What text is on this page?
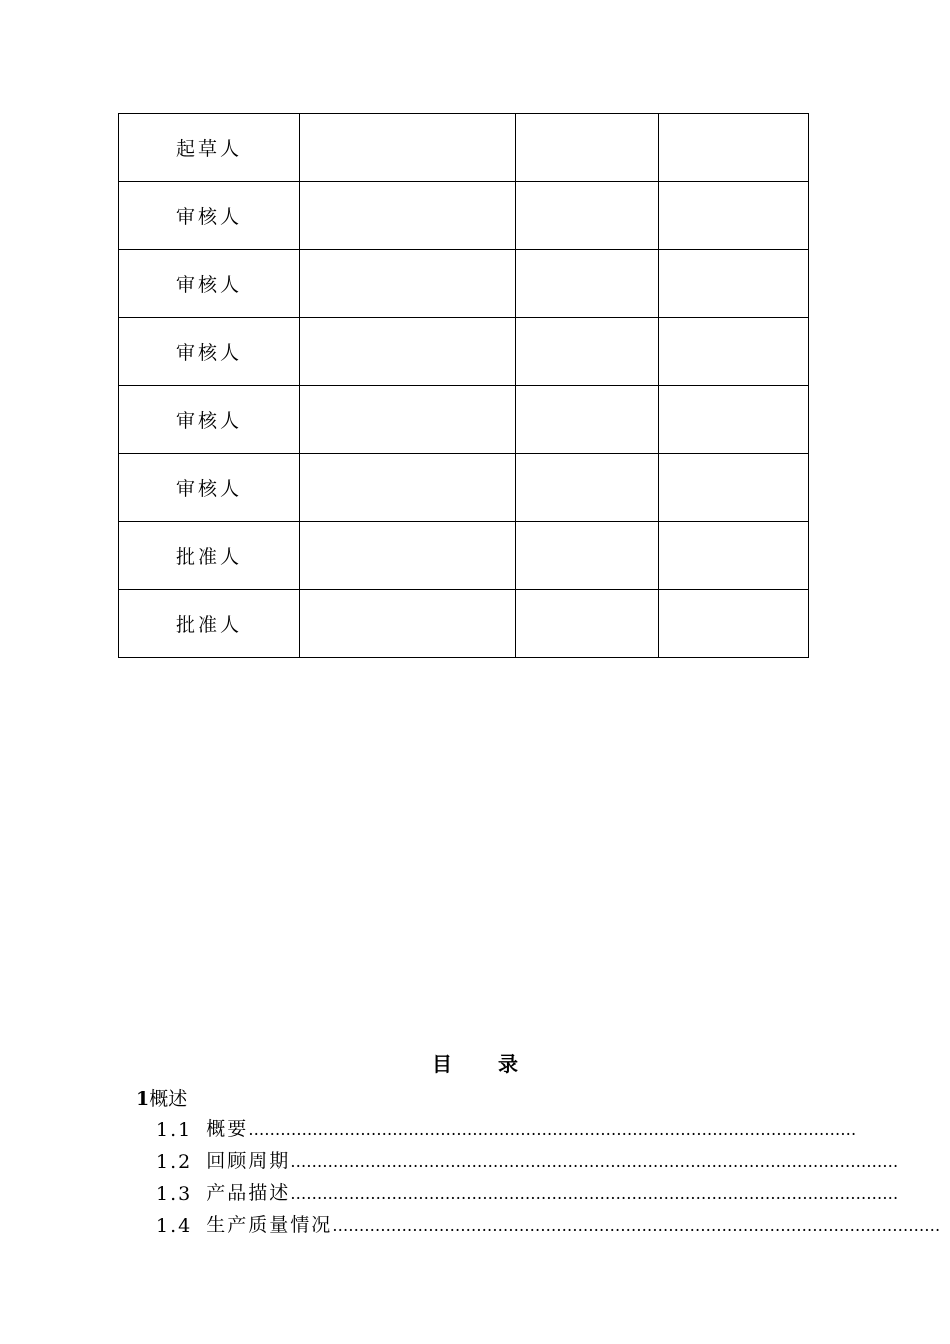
起草人			
审核人			
审核人			
审核人			
审核人			
审核人			
批准人			
批准人			
目 录
1概述
1.1 概要 ……………………………………………………………………………………………………
1.2 回顾周期 ……………………………………………………………………………………………………
1.3 产品描述 ……………………………………………………………………………………………………
1.4 生产质量情况 ……………………………………………………………………………………………………
